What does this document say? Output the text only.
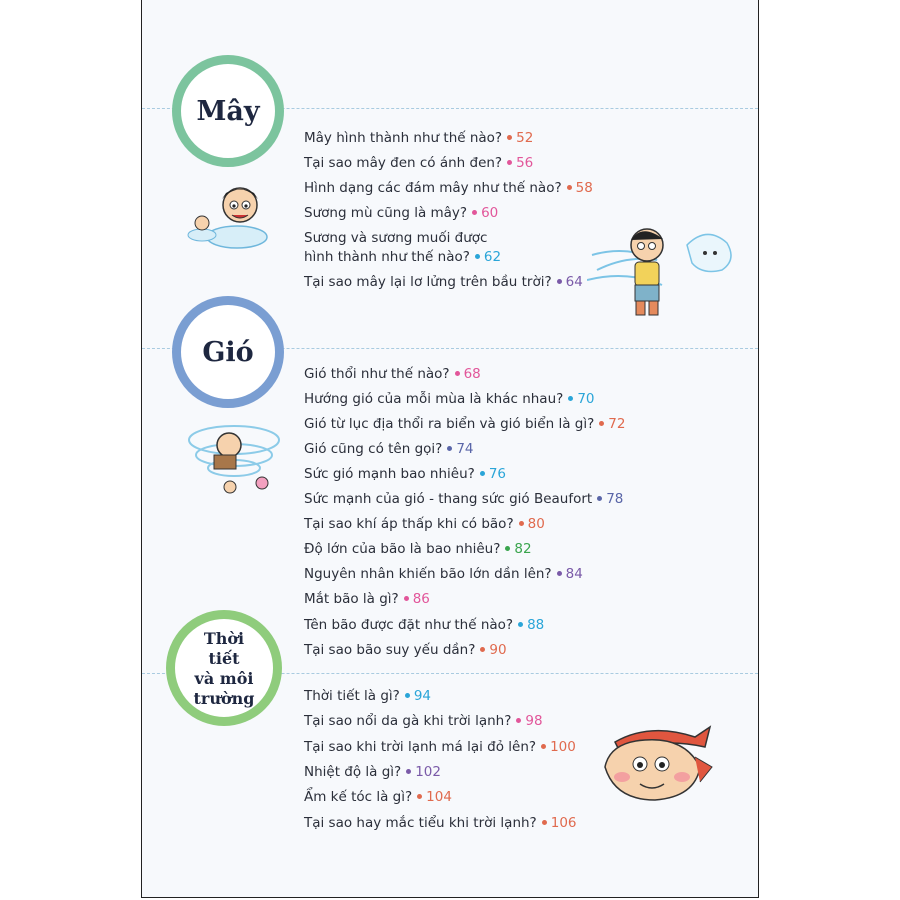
Mây
Gió
Thời
tiết
và môi
trường
Mây hình thành như thế nào? 52
Tại sao mây đen có ánh đen? 56
Hình dạng các đám mây như thế nào? 58
Sương mù cũng là mây? 60
Sương và sương muối được
hình thành như thế nào? 62
Tại sao mây lại lơ lửng trên bầu trời? 64
Gió thổi như thế nào? 68
Hướng gió của mỗi mùa là khác nhau? 70
Gió từ lục địa thổi ra biển và gió biển là gì? 72
Gió cũng có tên gọi? 74
Sức gió mạnh bao nhiêu? 76
Sức mạnh của gió - thang sức gió Beaufort 78
Tại sao khí áp thấp khi có bão? 80
Độ lớn của bão là bao nhiêu? 82
Nguyên nhân khiến bão lớn dần lên? 84
Mắt bão là gì? 86
Tên bão được đặt như thế nào? 88
Tại sao bão suy yếu dần? 90
Thời tiết là gì? 94
Tại sao nổi da gà khi trời lạnh? 98
Tại sao khi trời lạnh má lại đỏ lên? 100
Nhiệt độ là gì? 102
Ẩm kế tóc là gì? 104
Tại sao hay mắc tiểu khi trời lạnh? 106
